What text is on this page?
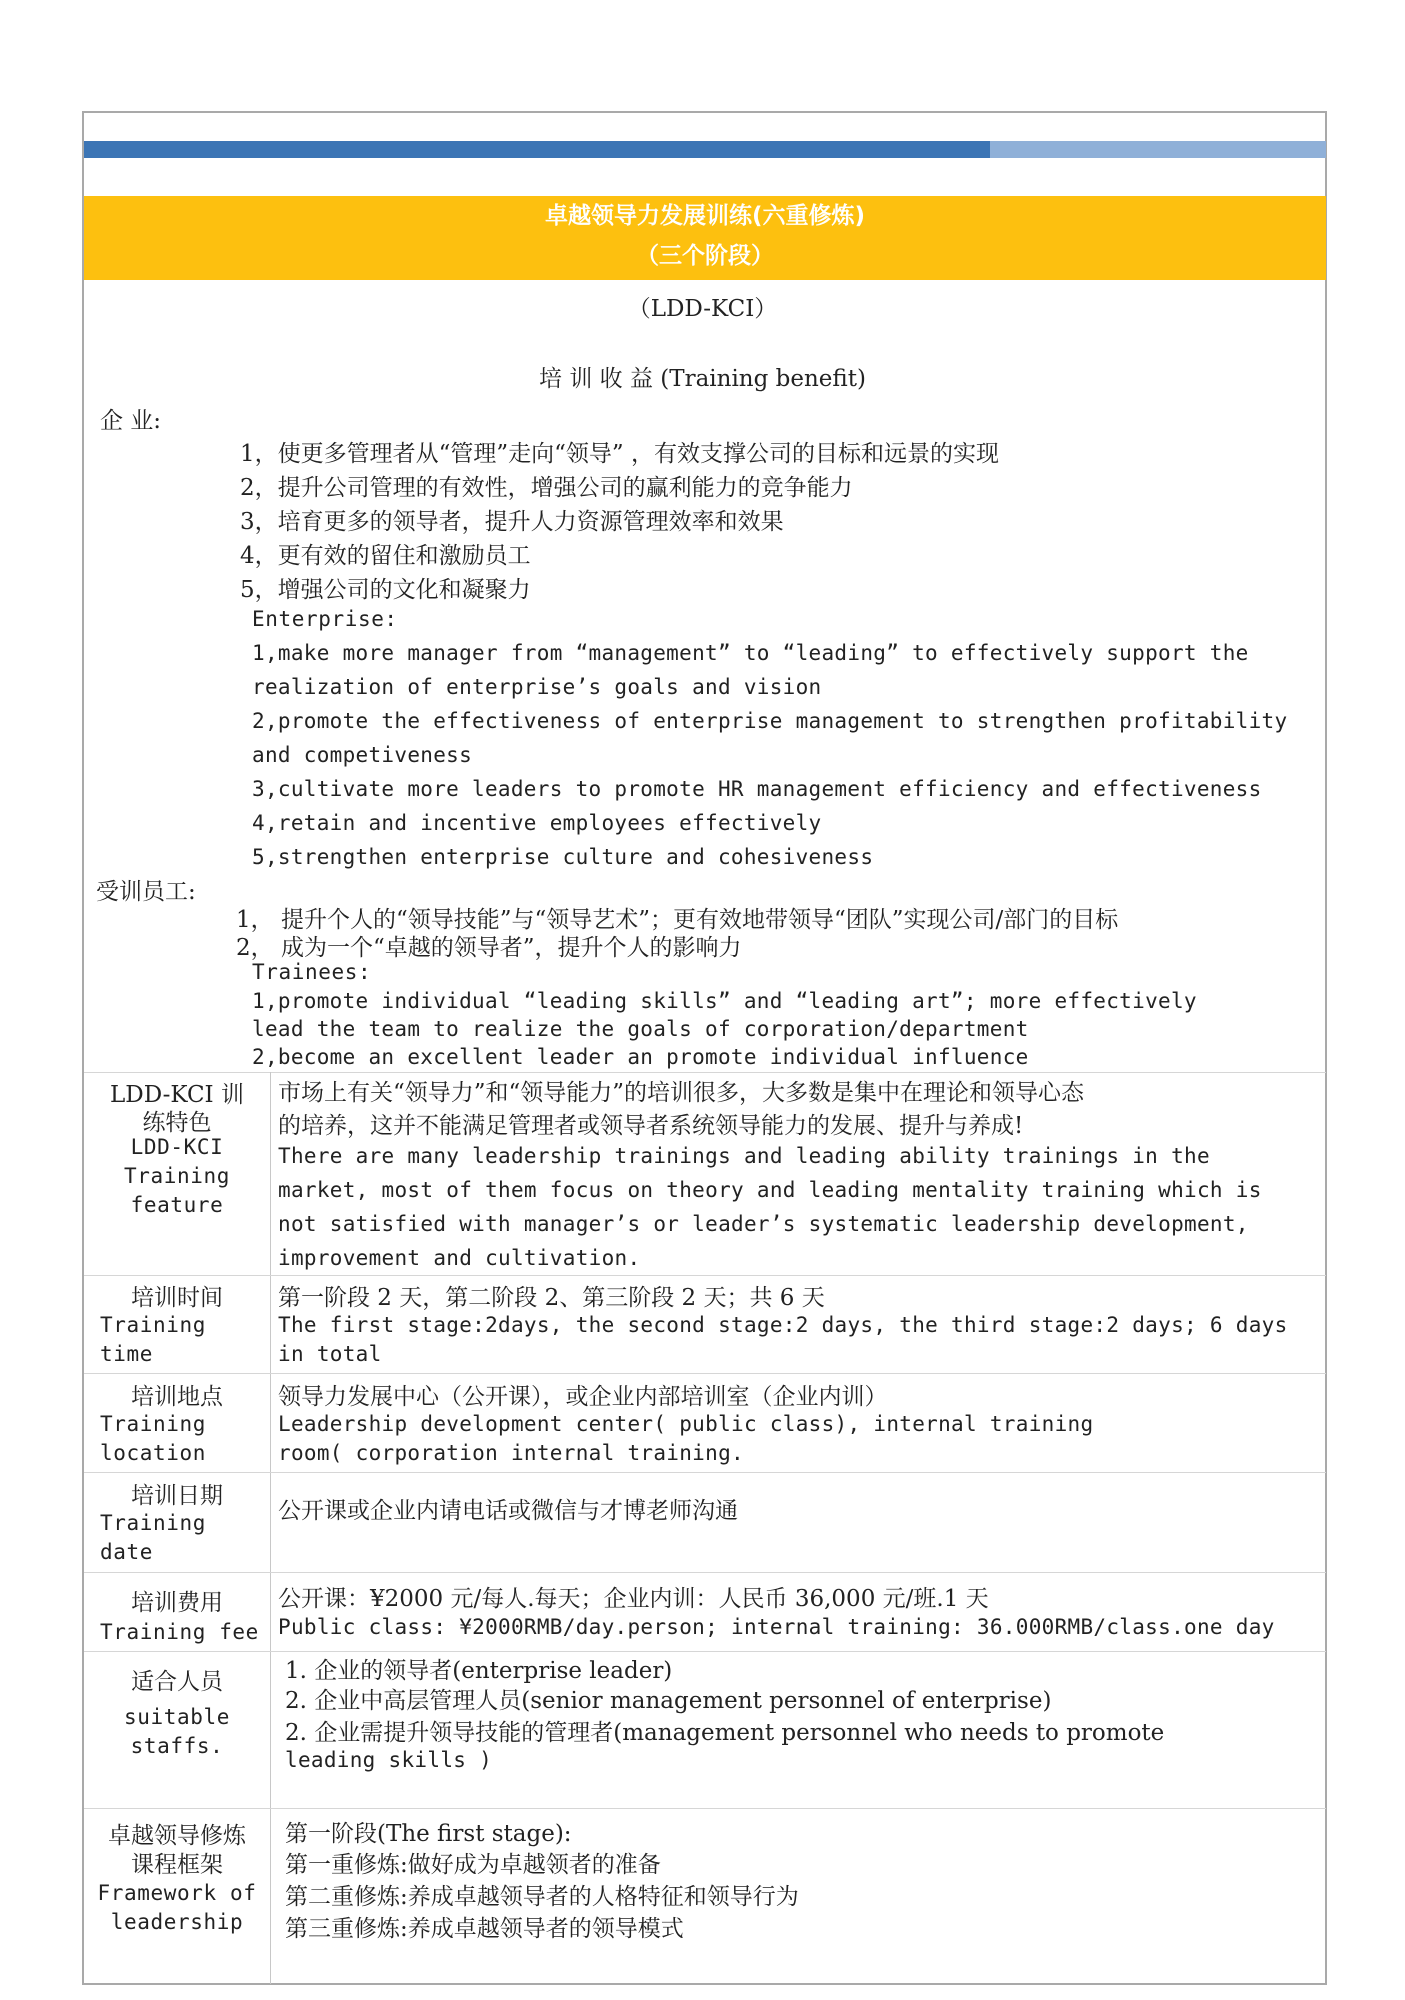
卓越领导力发展训练(六重修炼)
（三个阶段）
（LDD-KCI）
培 训 收 益 (Training benefit)
企 业:
1，使更多管理者从“管理”走向“领导” ，有效支撑公司的目标和远景的实现
2，提升公司管理的有效性，增强公司的赢利能力的竞争能力
3，培育更多的领导者，提升人力资源管理效率和效果
4，更有效的留住和激励员工
5，增强公司的文化和凝聚力
Enterprise:
1,make more manager from “management” to “leading” to effectively support the
realization of enterprise’s goals and vision
2,promote the effectiveness of enterprise management to strengthen profitability
and competiveness
3,cultivate more leaders to promote HR management efficiency and effectiveness
4,retain and incentive employees effectively
5,strengthen enterprise culture and cohesiveness
受训员工:
1， 提升个人的“领导技能”与“领导艺术”；更有效地带领导“团队”实现公司/部门的目标
2， 成为一个“卓越的领导者”，提升个人的影响力
Trainees:
1,promote individual “leading skills” and “leading art”; more effectively
lead the team to realize the goals of corporation/department
2,become an excellent leader an promote individual influence
LDD-KCI 训
练特色
LDD-KCI
Training
feature
市场上有关“领导力”和“领导能力”的培训很多，大多数是集中在理论和领导心态
的培养，这并不能满足管理者或领导者系统领导能力的发展、提升与养成!
There are many leadership trainings and leading ability trainings in the
market, most of them focus on theory and leading mentality training which is
not satisfied with manager’s or leader’s systematic leadership development,
improvement and cultivation.
培训时间
Training
time
第一阶段 2 天，第二阶段 2、第三阶段 2 天；共 6 天
The first stage:2days, the second stage:2 days, the third stage:2 days; 6 days
in total
培训地点
Training
location
领导力发展中心（公开课），或企业内部培训室（企业内训）
Leadership development center( public class), internal training
room( corporation internal training.
培训日期
Training
date
公开课或企业内请电话或微信与才博老师沟通
培训费用
Training fee
公开课：¥2000 元/每人.每天；企业内训：人民币 36,000 元/班.1 天
Public class: ¥2000RMB/day.person; internal training: 36.000RMB/class.one day
适合人员
suitable
staffs.
1. 企业的领导者(enterprise leader)
2. 企业中高层管理人员(senior management personnel of enterprise)
2. 企业需提升领导技能的管理者(management personnel who needs to promote
leading skills )
卓越领导修炼
课程框架
Framework of
leadership
第一阶段(The first stage):
第一重修炼:做好成为卓越领者的准备
第二重修炼:养成卓越领导者的人格特征和领导行为
第三重修炼:养成卓越领导者的领导模式
